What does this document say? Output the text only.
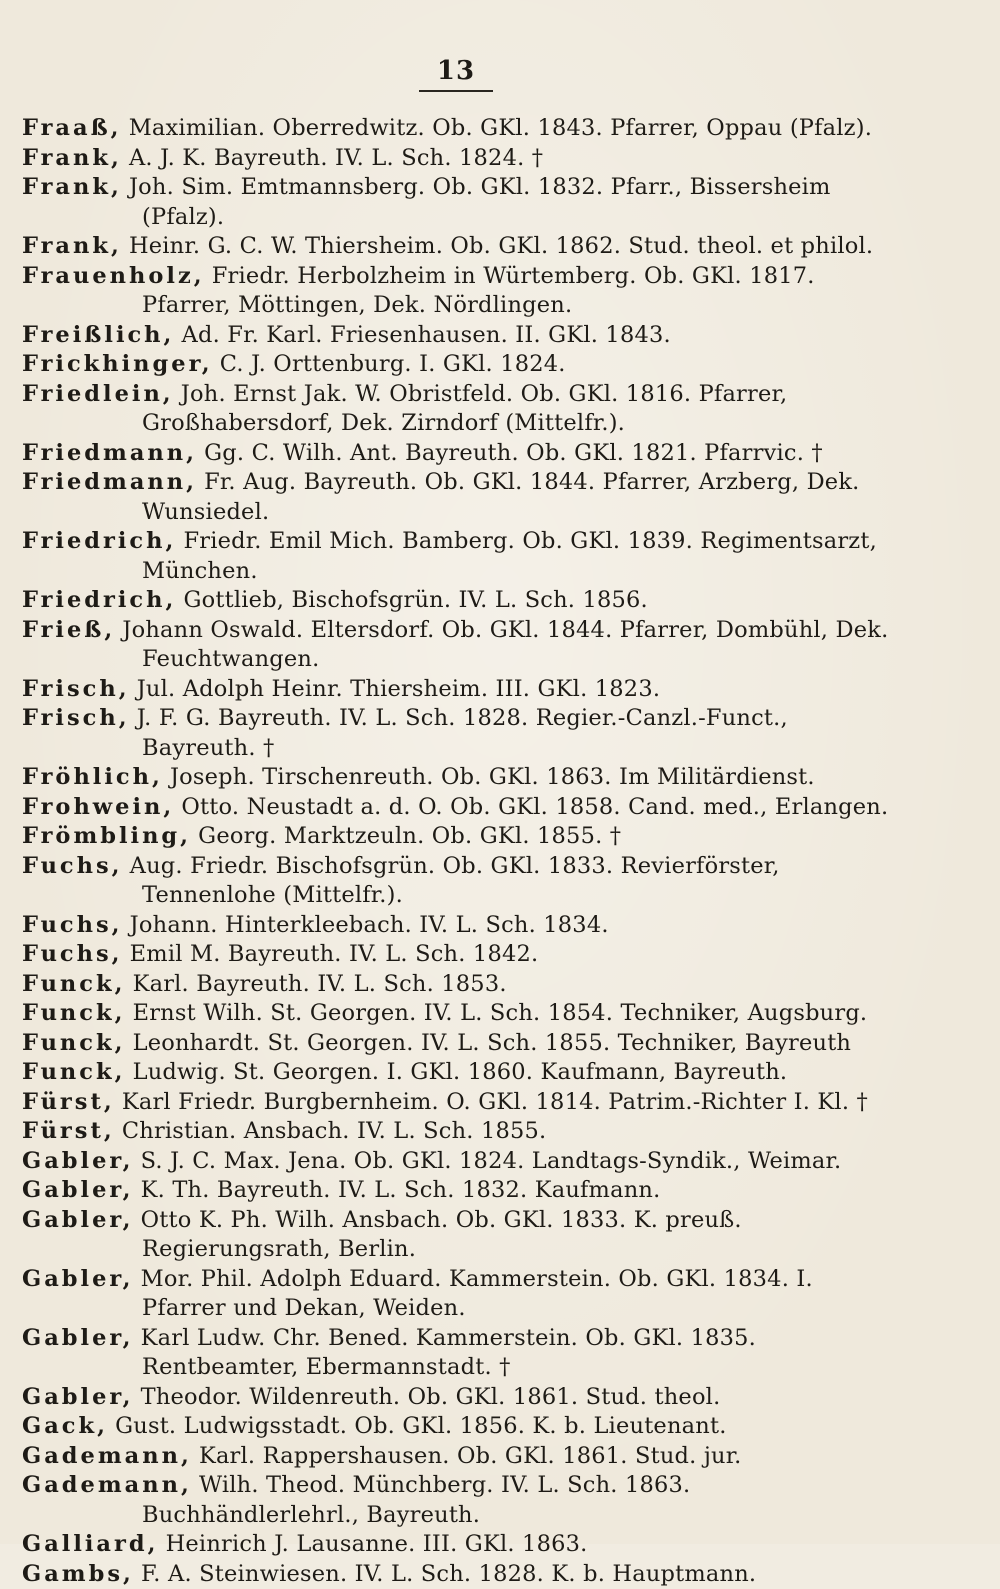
13

Fraaß, Maximilian. Oberredwitz. Ob. GKl. 1843. Pfarrer, Oppau (Pfalz).

Frank, A. J. K. Bayreuth. IV. L. Sch. 1824. †

Frank, Joh. Sim. Emtmannsberg. Ob. GKl. 1832. Pfarr., Bissersheim (Pfalz).

Frank, Heinr. G. C. W. Thiersheim. Ob. GKl. 1862. Stud. theol. et philol.

Frauenholz, Friedr. Herbolzheim in Würtemberg. Ob. GKl. 1817. Pfarrer, Möttingen, Dek. Nördlingen.

Freißlich, Ad. Fr. Karl. Friesenhausen. II. GKl. 1843.

Frickhinger, C. J. Orttenburg. I. GKl. 1824.

Friedlein, Joh. Ernst Jak. W. Obristfeld. Ob. GKl. 1816. Pfarrer, Großhabersdorf, Dek. Zirndorf (Mittelfr.).

Friedmann, Gg. C. Wilh. Ant. Bayreuth. Ob. GKl. 1821. Pfarrvic. †

Friedmann, Fr. Aug. Bayreuth. Ob. GKl. 1844. Pfarrer, Arzberg, Dek. Wunsiedel.

Friedrich, Friedr. Emil Mich. Bamberg. Ob. GKl. 1839. Regimentsarzt, München.

Friedrich, Gottlieb, Bischofsgrün. IV. L. Sch. 1856.

Frieß, Johann Oswald. Eltersdorf. Ob. GKl. 1844. Pfarrer, Dombühl, Dek. Feuchtwangen.

Frisch, Jul. Adolph Heinr. Thiersheim. III. GKl. 1823.

Frisch, J. F. G. Bayreuth. IV. L. Sch. 1828. Regier.-Canzl.-Funct., Bayreuth. †

Fröhlich, Joseph. Tirschenreuth. Ob. GKl. 1863. Im Militärdienst.

Frohwein, Otto. Neustadt a. d. O. Ob. GKl. 1858. Cand. med., Erlangen.

Frömbling, Georg. Marktzeuln. Ob. GKl. 1855. †

Fuchs, Aug. Friedr. Bischofsgrün. Ob. GKl. 1833. Revierförster, Tennenlohe (Mittelfr.).

Fuchs, Johann. Hinterkleebach. IV. L. Sch. 1834.

Fuchs, Emil M. Bayreuth. IV. L. Sch. 1842.

Funck, Karl. Bayreuth. IV. L. Sch. 1853.

Funck, Ernst Wilh. St. Georgen. IV. L. Sch. 1854. Techniker, Augsburg.

Funck, Leonhardt. St. Georgen. IV. L. Sch. 1855. Techniker, Bayreuth

Funck, Ludwig. St. Georgen. I. GKl. 1860. Kaufmann, Bayreuth.

Fürst, Karl Friedr. Burgbernheim. O. GKl. 1814. Patrim.-Richter I. Kl. †

Fürst, Christian. Ansbach. IV. L. Sch. 1855.

Gabler, S. J. C. Max. Jena. Ob. GKl. 1824. Landtags-Syndik., Weimar.

Gabler, K. Th. Bayreuth. IV. L. Sch. 1832. Kaufmann.

Gabler, Otto K. Ph. Wilh. Ansbach. Ob. GKl. 1833. K. preuß. Regierungsrath, Berlin.

Gabler, Mor. Phil. Adolph Eduard. Kammerstein. Ob. GKl. 1834. I. Pfarrer und Dekan, Weiden.

Gabler, Karl Ludw. Chr. Bened. Kammerstein. Ob. GKl. 1835. Rentbeamter, Ebermannstadt. †

Gabler, Theodor. Wildenreuth. Ob. GKl. 1861. Stud. theol.

Gack, Gust. Ludwigsstadt. Ob. GKl. 1856. K. b. Lieutenant.

Gademann, Karl. Rappershausen. Ob. GKl. 1861. Stud. jur.

Gademann, Wilh. Theod. Münchberg. IV. L. Sch. 1863. Buchhändlerlehrl., Bayreuth.

Galliard, Heinrich J. Lausanne. III. GKl. 1863.

Gambs, F. A. Steinwiesen. IV. L. Sch. 1828. K. b. Hauptmann.
